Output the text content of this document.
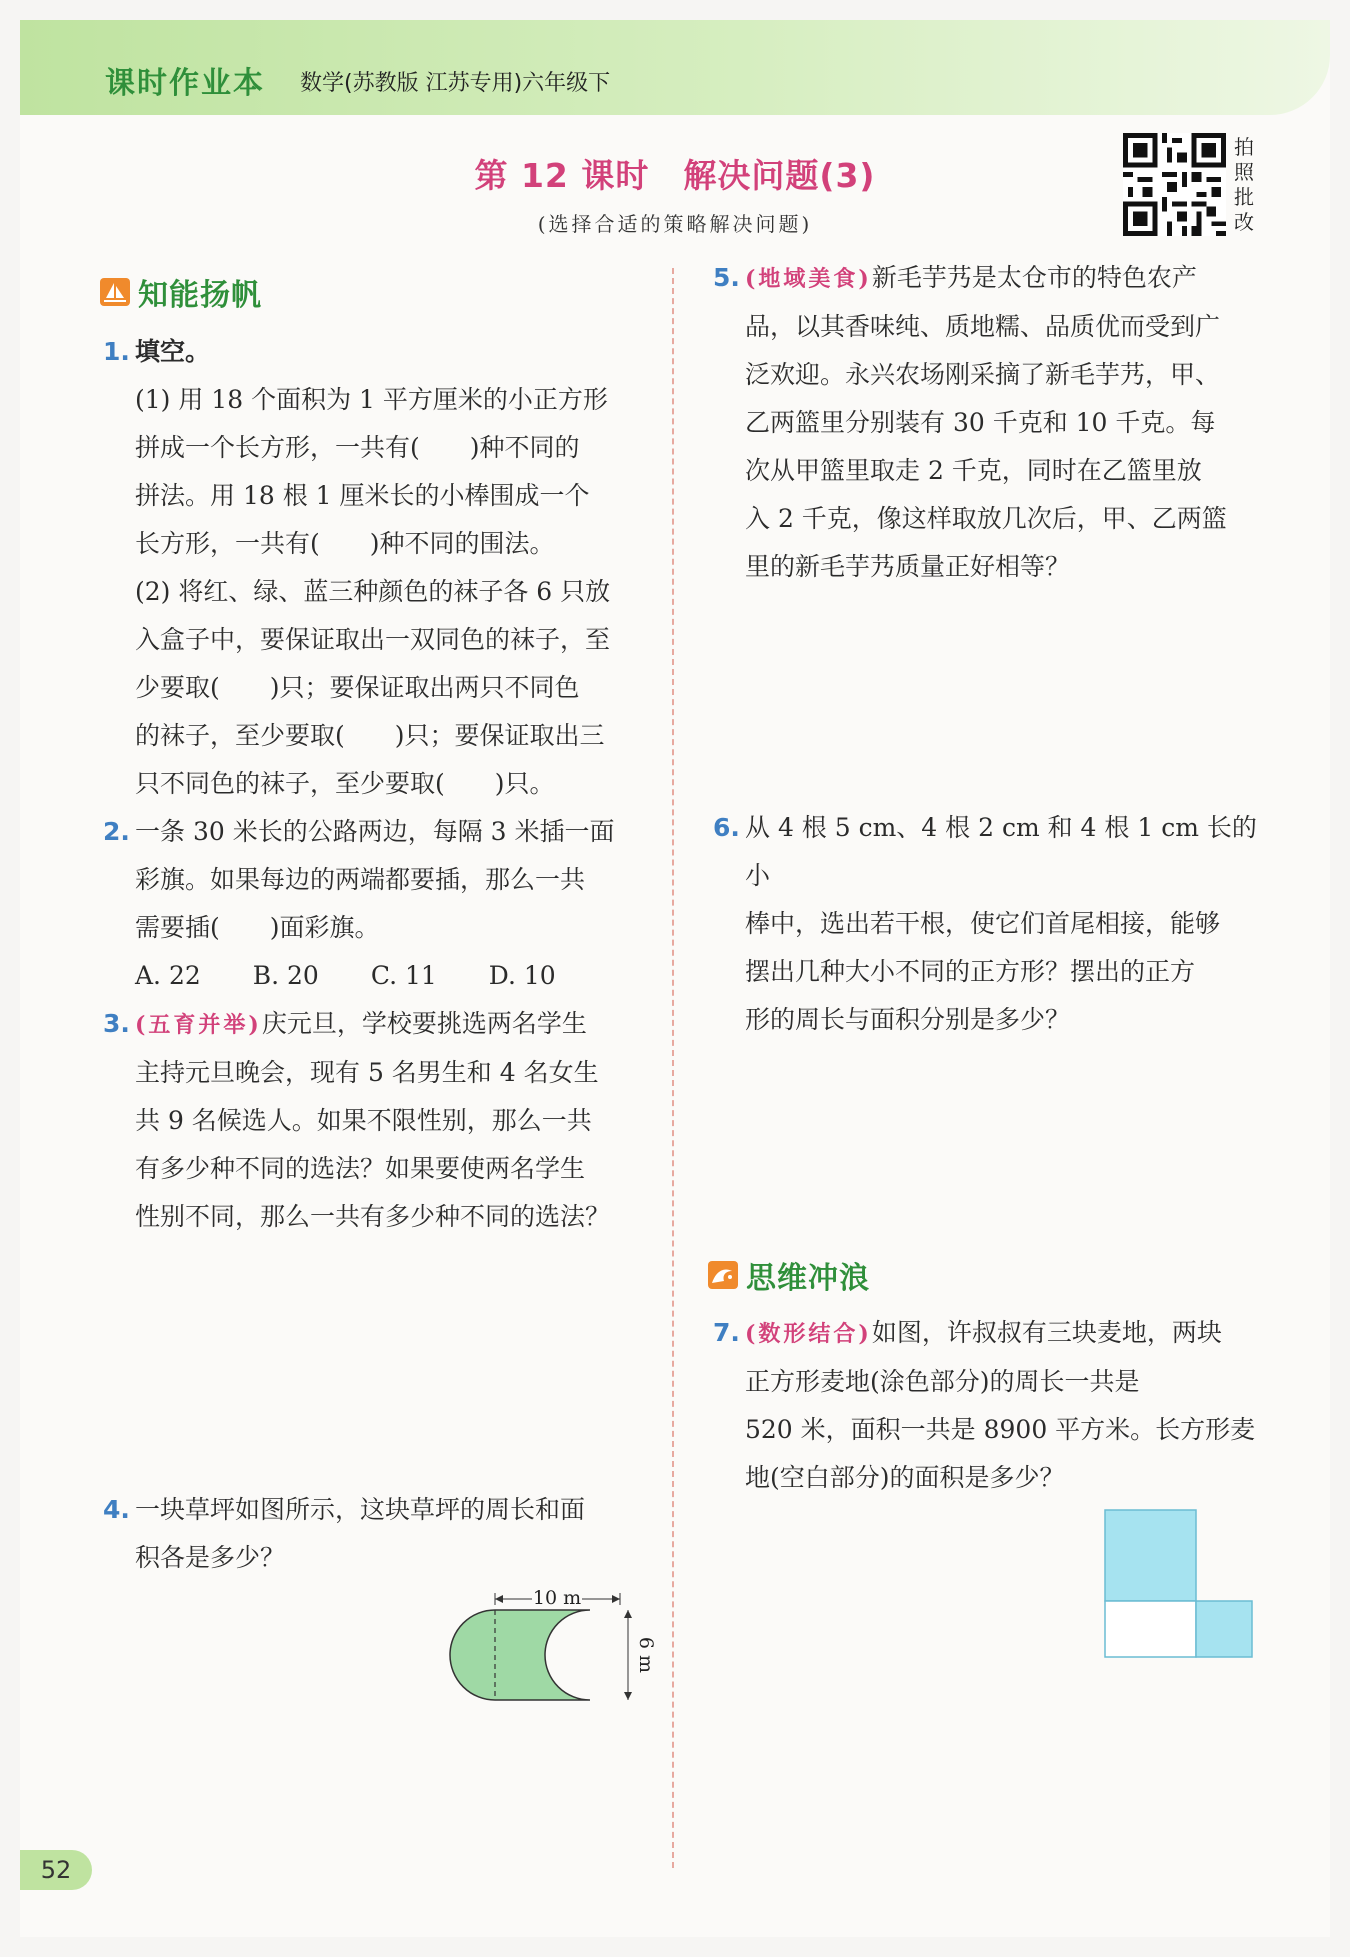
课时作业本 数学(苏教版 江苏专用)六年级下
第 12 课时　解决问题(3)
(选择合适的策略解决问题)
拍照批改
知能扬帆
1. 填空。
(1) 用 18 个面积为 1 平方厘米的小正方形
拼成一个长方形，一共有(　　)种不同的
拼法。用 18 根 1 厘米长的小棒围成一个
长方形，一共有(　　)种不同的围法。
(2) 将红、绿、蓝三种颜色的袜子各 6 只放
入盒子中，要保证取出一双同色的袜子，至
少要取(　　)只；要保证取出两只不同色
的袜子，至少要取(　　)只；要保证取出三
只不同色的袜子，至少要取(　　)只。
2. 一条 30 米长的公路两边，每隔 3 米插一面
彩旗。如果每边的两端都要插，那么一共
需要插(　　)面彩旗。
A. 22 B. 20 C. 11 D. 10
3. (五育并举)庆元旦，学校要挑选两名学生
主持元旦晚会，现有 5 名男生和 4 名女生
共 9 名候选人。如果不限性别，那么一共
有多少种不同的选法？如果要使两名学生
性别不同，那么一共有多少种不同的选法？
4. 一块草坪如图所示，这块草坪的周长和面
积各是多少？
10 m
6 m
5. (地域美食)新毛芋艿是太仓市的特色农产
品，以其香味纯、质地糯、品质优而受到广
泛欢迎。永兴农场刚采摘了新毛芋艿，甲、
乙两篮里分别装有 30 千克和 10 千克。每
次从甲篮里取走 2 千克，同时在乙篮里放
入 2 千克，像这样取放几次后，甲、乙两篮
里的新毛芋艿质量正好相等？
6. 从 4 根 5 cm、4 根 2 cm 和 4 根 1 cm 长的小
棒中，选出若干根，使它们首尾相接，能够
摆出几种大小不同的正方形？摆出的正方
形的周长与面积分别是多少？
思维冲浪
7. (数形结合)如图，许叔叔有三块麦地，两块
正方形麦地(涂色部分)的周长一共是
520 米，面积一共是 8900 平方米。长方形麦
地(空白部分)的面积是多少？
52
